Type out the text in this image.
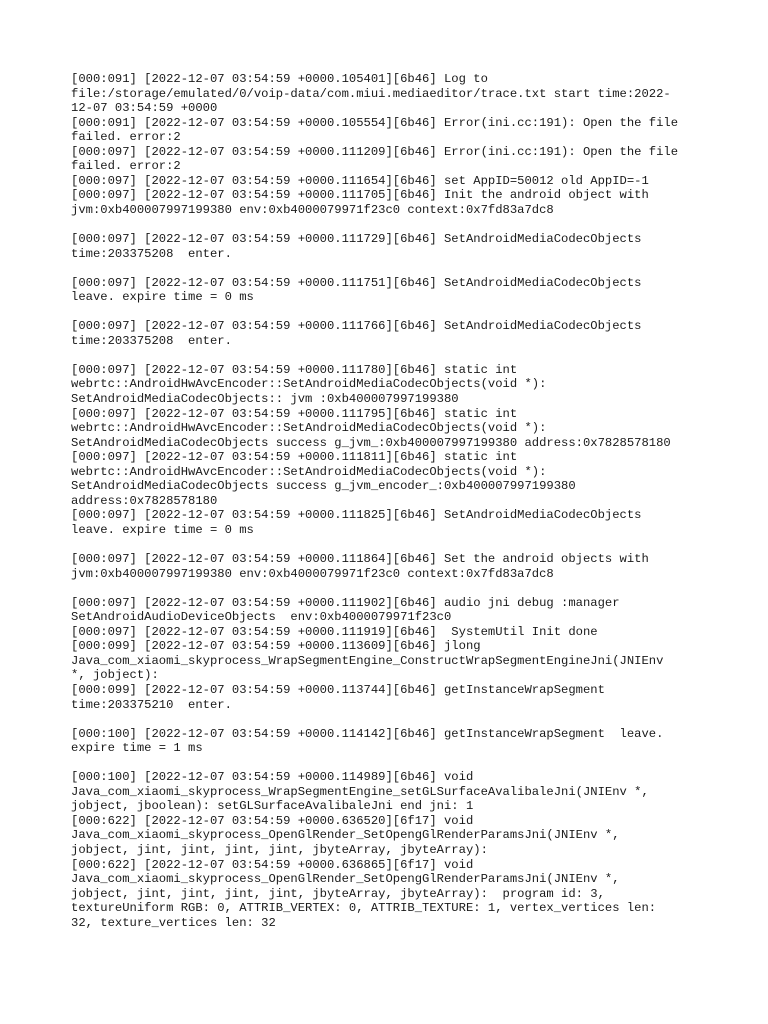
[000:091] [2022-12-07 03:54:59 +0000.105401][6b46] Log to
file:/storage/emulated/0/voip-data/com.miui.mediaeditor/trace.txt start time:2022-
12-07 03:54:59 +0000
[000:091] [2022-12-07 03:54:59 +0000.105554][6b46] Error(ini.cc:191): Open the file
failed. error:2
[000:097] [2022-12-07 03:54:59 +0000.111209][6b46] Error(ini.cc:191): Open the file
failed. error:2
[000:097] [2022-12-07 03:54:59 +0000.111654][6b46] set AppID=50012 old AppID=-1
[000:097] [2022-12-07 03:54:59 +0000.111705][6b46] Init the android object with
jvm:0xb400007997199380 env:0xb4000079971f23c0 context:0x7fd83a7dc8
[000:097] [2022-12-07 03:54:59 +0000.111729][6b46] SetAndroidMediaCodecObjects
time:203375208  enter.
[000:097] [2022-12-07 03:54:59 +0000.111751][6b46] SetAndroidMediaCodecObjects
leave. expire time = 0 ms
[000:097] [2022-12-07 03:54:59 +0000.111766][6b46] SetAndroidMediaCodecObjects
time:203375208  enter.
[000:097] [2022-12-07 03:54:59 +0000.111780][6b46] static int
webrtc::AndroidHwAvcEncoder::SetAndroidMediaCodecObjects(void *):
SetAndroidMediaCodecObjects:: jvm :0xb400007997199380
[000:097] [2022-12-07 03:54:59 +0000.111795][6b46] static int
webrtc::AndroidHwAvcEncoder::SetAndroidMediaCodecObjects(void *):
SetAndroidMediaCodecObjects success g_jvm_:0xb400007997199380 address:0x7828578180
[000:097] [2022-12-07 03:54:59 +0000.111811][6b46] static int
webrtc::AndroidHwAvcEncoder::SetAndroidMediaCodecObjects(void *):
SetAndroidMediaCodecObjects success g_jvm_encoder_:0xb400007997199380
address:0x7828578180
[000:097] [2022-12-07 03:54:59 +0000.111825][6b46] SetAndroidMediaCodecObjects
leave. expire time = 0 ms
[000:097] [2022-12-07 03:54:59 +0000.111864][6b46] Set the android objects with
jvm:0xb400007997199380 env:0xb4000079971f23c0 context:0x7fd83a7dc8
[000:097] [2022-12-07 03:54:59 +0000.111902][6b46] audio jni debug :manager
SetAndroidAudioDeviceObjects  env:0xb4000079971f23c0
[000:097] [2022-12-07 03:54:59 +0000.111919][6b46]  SystemUtil Init done
[000:099] [2022-12-07 03:54:59 +0000.113609][6b46] jlong
Java_com_xiaomi_skyprocess_WrapSegmentEngine_ConstructWrapSegmentEngineJni(JNIEnv
*, jobject):
[000:099] [2022-12-07 03:54:59 +0000.113744][6b46] getInstanceWrapSegment
time:203375210  enter.
[000:100] [2022-12-07 03:54:59 +0000.114142][6b46] getInstanceWrapSegment  leave.
expire time = 1 ms
[000:100] [2022-12-07 03:54:59 +0000.114989][6b46] void
Java_com_xiaomi_skyprocess_WrapSegmentEngine_setGLSurfaceAvalibaleJni(JNIEnv *,
jobject, jboolean): setGLSurfaceAvalibaleJni end jni: 1
[000:622] [2022-12-07 03:54:59 +0000.636520][6f17] void
Java_com_xiaomi_skyprocess_OpenGlRender_SetOpengGlRenderParamsJni(JNIEnv *,
jobject, jint, jint, jint, jint, jbyteArray, jbyteArray):
[000:622] [2022-12-07 03:54:59 +0000.636865][6f17] void
Java_com_xiaomi_skyprocess_OpenGlRender_SetOpengGlRenderParamsJni(JNIEnv *,
jobject, jint, jint, jint, jint, jbyteArray, jbyteArray):  program id: 3,
textureUniform RGB: 0, ATTRIB_VERTEX: 0, ATTRIB_TEXTURE: 1, vertex_vertices len:
32, texture_vertices len: 32
